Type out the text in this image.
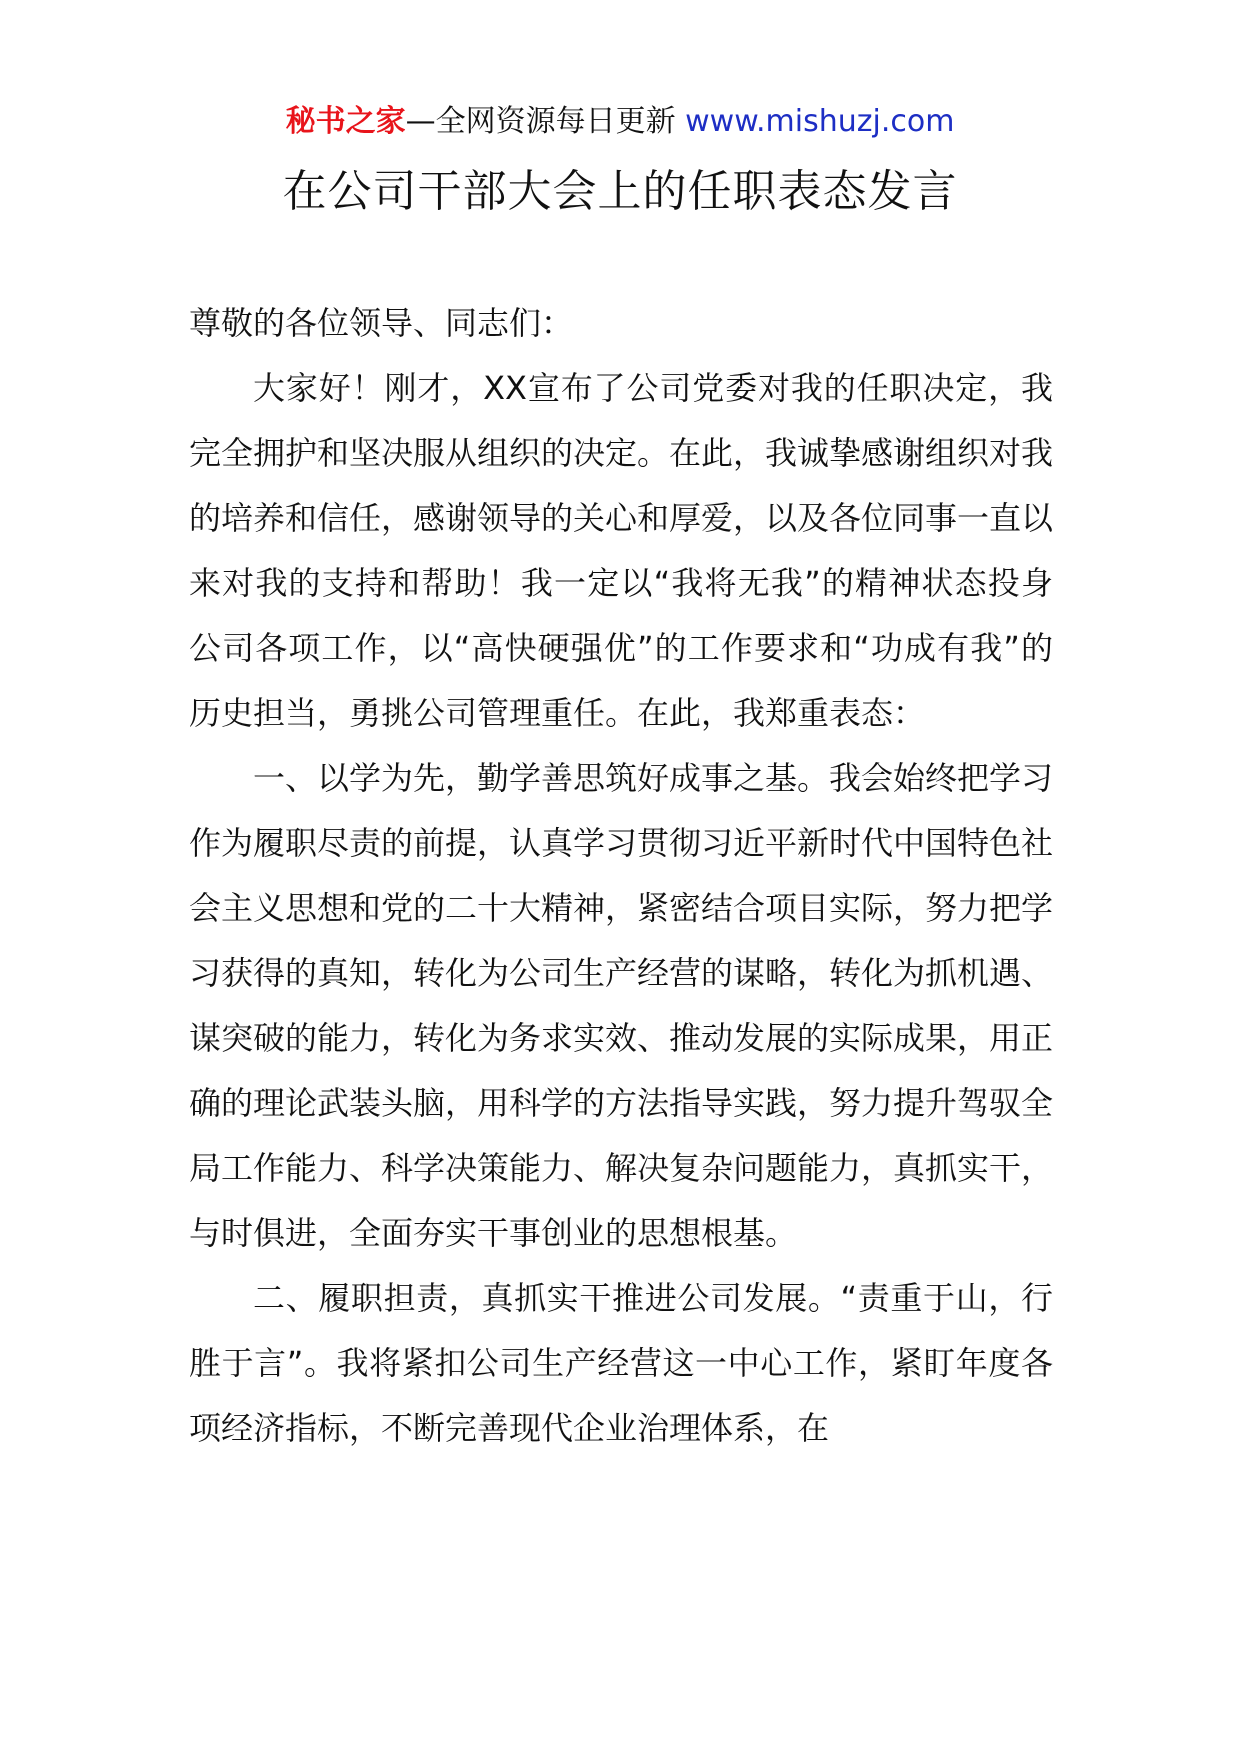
秘书之家—全网资源每日更新 www.mishuzj.com
在公司干部大会上的任职表态发言

尊敬的各位领导、同志们：

大家好！刚才，XX宣布了公司党委对我的任职决定，我完全拥护和坚决服从组织的决定。在此，我诚挚感谢组织对我的培养和信任，感谢领导的关心和厚爱，以及各位同事一直以来对我的支持和帮助！我一定以“我将无我”的精神状态投身公司各项工作，以“高快硬强优”的工作要求和“功成有我”的历史担当，勇挑公司管理重任。在此，我郑重表态：

一、以学为先，勤学善思筑好成事之基。我会始终把学习作为履职尽责的前提，认真学习贯彻习近平新时代中国特色社会主义思想和党的二十大精神，紧密结合项目实际，努力把学习获得的真知，转化为公司生产经营的谋略，转化为抓机遇、谋突破的能力，转化为务求实效、推动发展的实际成果，用正确的理论武装头脑，用科学的方法指导实践，努力提升驾驭全局工作能力、科学决策能力、解决复杂问题能力，真抓实干，与时俱进，全面夯实干事创业的思想根基。

二、履职担责，真抓实干推进公司发展。“责重于山，行胜于言”。我将紧扣公司生产经营这一中心工作，紧盯年度各项经济指标，不断完善现代企业治理体系，在
